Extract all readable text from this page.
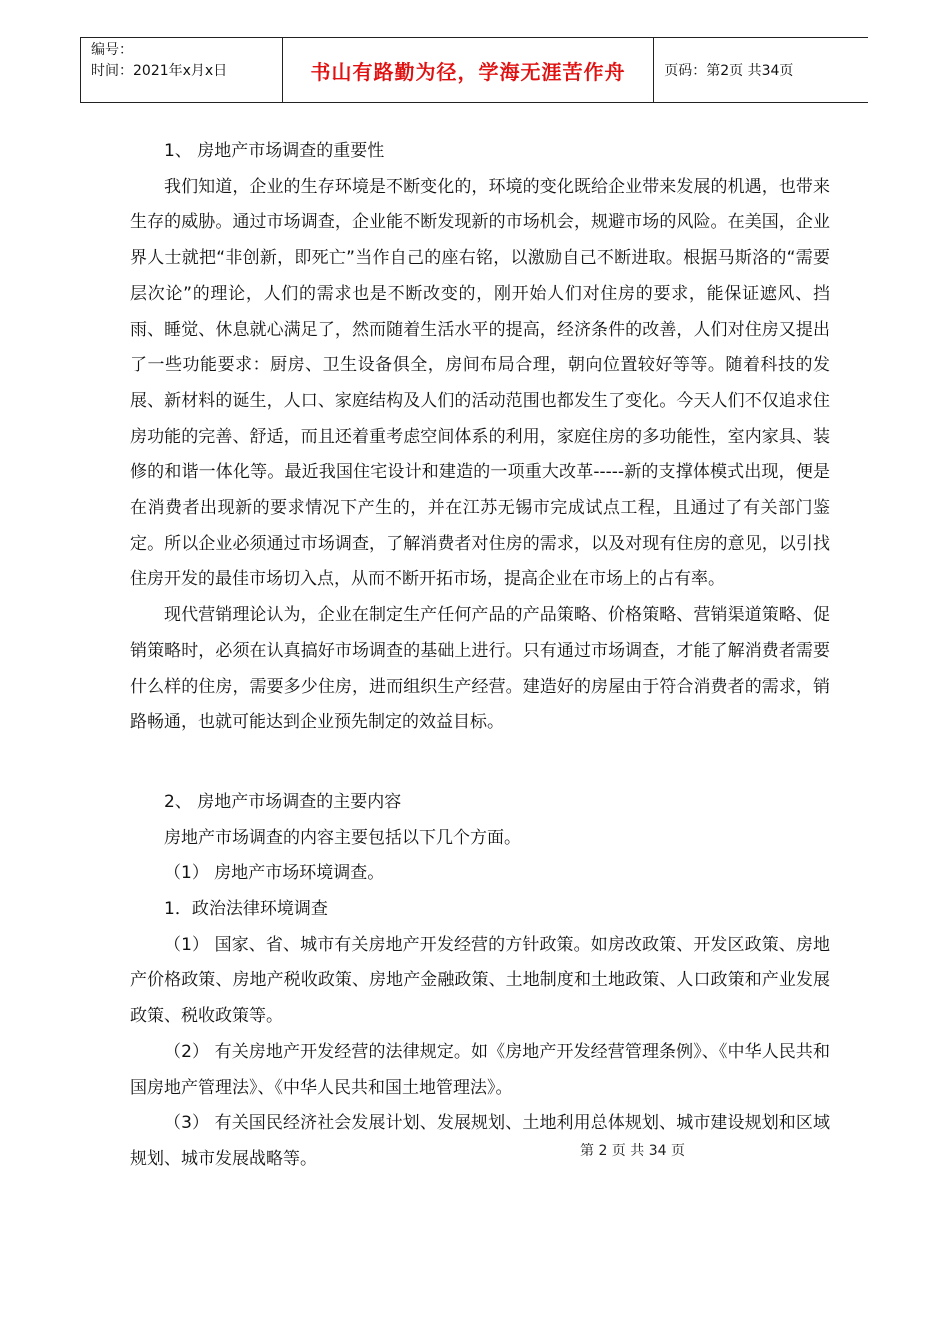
编号：
时间：2021年x月x日	书山有路勤为径，学海无涯苦作舟	页码：第2页 共34页

1、 房地产市场调查的重要性

我们知道，企业的生存环境是不断变化的，环境的变化既给企业带来发展的机遇，也带来生存的威胁。通过市场调查，企业能不断发现新的市场机会，规避市场的风险。在美国，企业界人士就把“非创新，即死亡”当作自己的座右铭，以激励自己不断进取。根据马斯洛的“需要层次论”的理论，人们的需求也是不断改变的，刚开始人们对住房的要求，能保证遮风、挡雨、睡觉、休息就心满足了，然而随着生活水平的提高，经济条件的改善，人们对住房又提出了一些功能要求：厨房、卫生设备俱全，房间布局合理，朝向位置较好等等。随着科技的发展、新材料的诞生，人口、家庭结构及人们的活动范围也都发生了变化。今天人们不仅追求住房功能的完善、舒适，而且还着重考虑空间体系的利用，家庭住房的多功能性，室内家具、装修的和谐一体化等。最近我国住宅设计和建造的一项重大改革-----新的支撑体模式出现，便是在消费者出现新的要求情况下产生的，并在江苏无锡市完成试点工程，且通过了有关部门鉴定。所以企业必须通过市场调查，了解消费者对住房的需求，以及对现有住房的意见，以引找住房开发的最佳市场切入点，从而不断开拓市场，提高企业在市场上的占有率。

现代营销理论认为，企业在制定生产任何产品的产品策略、价格策略、营销渠道策略、促销策略时，必须在认真搞好市场调查的基础上进行。只有通过市场调查，才能了解消费者需要什么样的住房，需要多少住房，进而组织生产经营。建造好的房屋由于符合消费者的需求，销路畅通，也就可能达到企业预先制定的效益目标。

2、 房地产市场调查的主要内容

房地产市场调查的内容主要包括以下几个方面。

（1） 房地产市场环境调查。

1．政治法律环境调查

（1） 国家、省、城市有关房地产开发经营的方针政策。如房改政策、开发区政策、房地产价格政策、房地产税收政策、房地产金融政策、土地制度和土地政策、人口政策和产业发展政策、税收政策等。

（2） 有关房地产开发经营的法律规定。如《房地产开发经营管理条例》、《中华人民共和国房地产管理法》、《中华人民共和国土地管理法》。

（3） 有关国民经济社会发展计划、发展规划、土地利用总体规划、城市建设规划和区域规划、城市发展战略等。	第 2 页 共 34 页
